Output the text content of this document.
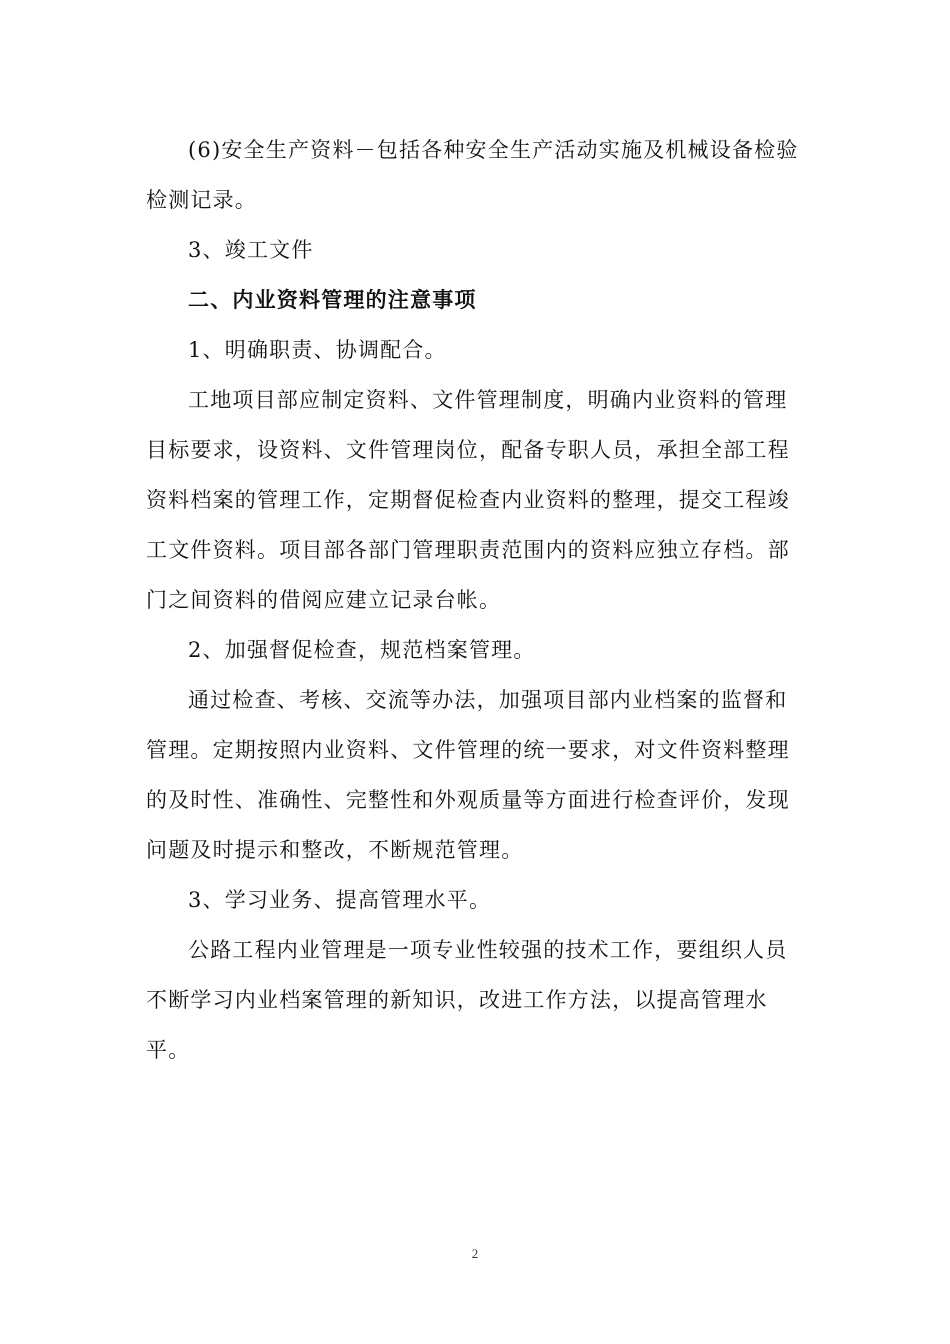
(6)安全生产资料－包括各种安全生产活动实施及机械设备检验检测记录。

3、竣工文件

二、内业资料管理的注意事项

1、明确职责、协调配合。

工地项目部应制定资料、文件管理制度，明确内业资料的管理目标要求，设资料、文件管理岗位，配备专职人员，承担全部工程资料档案的管理工作，定期督促检查内业资料的整理，提交工程竣工文件资料。项目部各部门管理职责范围内的资料应独立存档。部门之间资料的借阅应建立记录台帐。

2、加强督促检查，规范档案管理。

通过检查、考核、交流等办法，加强项目部内业档案的监督和管理。定期按照内业资料、文件管理的统一要求，对文件资料整理的及时性、准确性、完整性和外观质量等方面进行检查评价，发现问题及时提示和整改，不断规范管理。

3、学习业务、提高管理水平。

公路工程内业管理是一项专业性较强的技术工作，要组织人员不断学习内业档案管理的新知识，改进工作方法，以提高管理水平。

2
